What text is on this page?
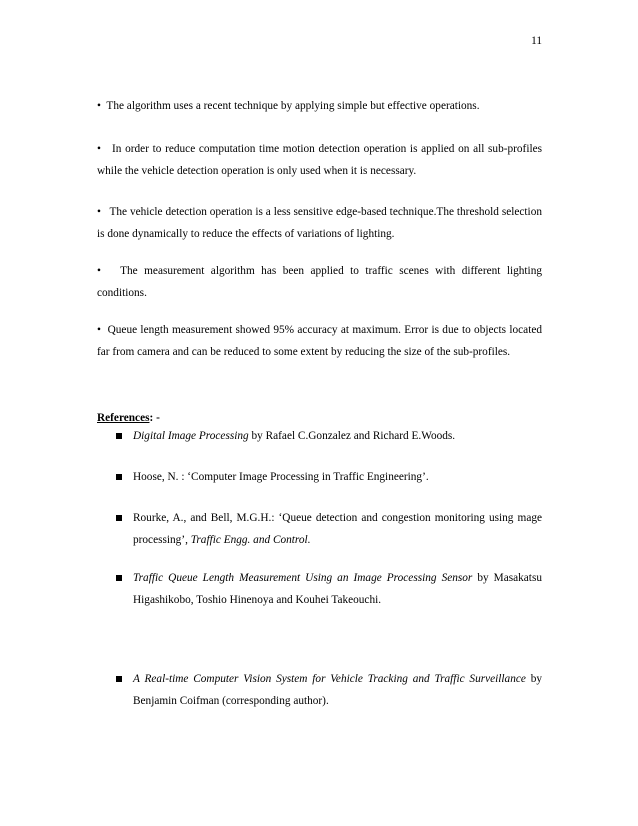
11

• The algorithm uses a recent technique by applying simple but effective operations.

• In order to reduce computation time motion detection operation is applied on all sub-profiles while the vehicle detection operation is only used when it is necessary.

• The vehicle detection operation is a less sensitive edge-based technique.The threshold selection is done dynamically to reduce the effects of variations of lighting.

• The measurement algorithm has been applied to traffic scenes with different lighting conditions.

• Queue length measurement showed 95% accuracy at maximum. Error is due to objects located far from camera and can be reduced to some extent by reducing the size of the sub-profiles.

References: -

Digital Image Processing by Rafael C.Gonzalez and Richard E.Woods.
Hoose, N. : ‘Computer Image Processing in Traffic Engineering’.
Rourke, A., and Bell, M.G.H.: ‘Queue detection and congestion monitoring using mage processing’, Traffic Engg. and Control.
Traffic Queue Length Measurement Using an Image Processing Sensor by Masakatsu Higashikobo, Toshio Hinenoya and Kouhei Takeouchi.
A Real-time Computer Vision System for Vehicle Tracking and Traffic Surveillance by Benjamin Coifman (corresponding author).
